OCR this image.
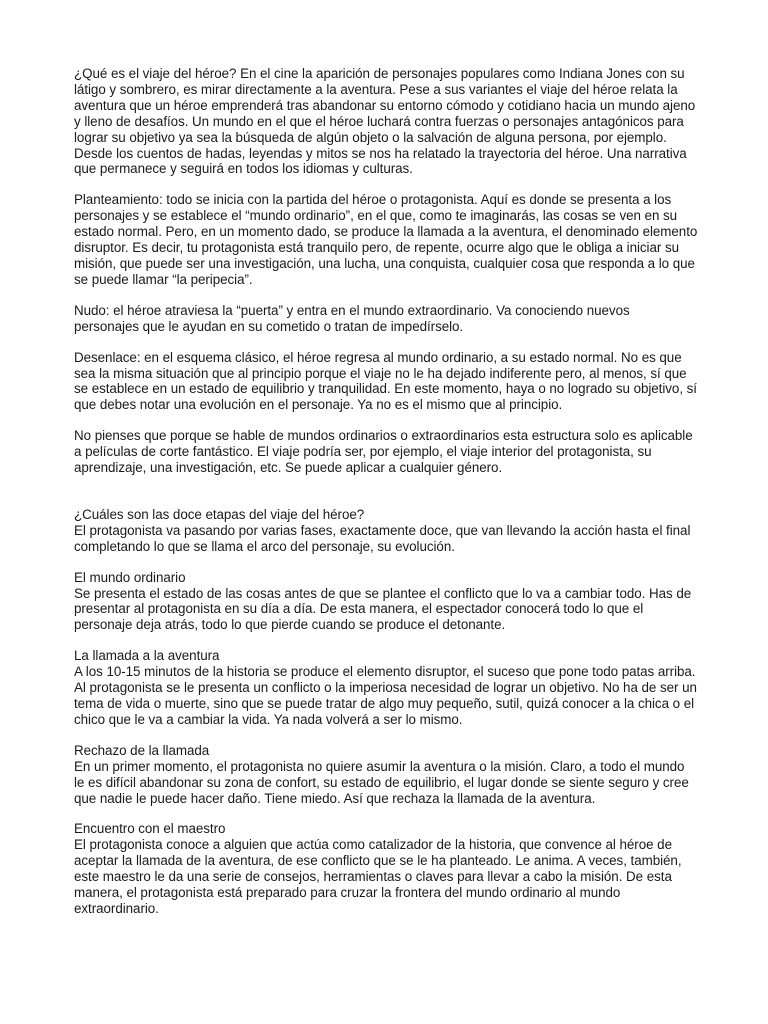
¿Qué es el viaje del héroe? En el cine la aparición de personajes populares como Indiana Jones con su látigo y sombrero, es mirar directamente a la aventura. Pese a sus variantes el viaje del héroe relata la aventura que un héroe emprenderá tras abandonar su entorno cómodo y cotidiano hacia un mundo ajeno y lleno de desafíos. Un mundo en el que el héroe luchará contra fuerzas o personajes antagónicos para lograr su objetivo ya sea la búsqueda de algún objeto o la salvación de alguna persona, por ejemplo. Desde los cuentos de hadas, leyendas y mitos se nos ha relatado la trayectoria del héroe. Una narrativa que permanece y seguirá en todos los idiomas y culturas.

Planteamiento: todo se inicia con la partida del héroe o protagonista. Aquí es donde se presenta a los personajes y se establece el “mundo ordinario”, en el que, como te imaginarás, las cosas se ven en su estado normal. Pero, en un momento dado, se produce la llamada a la aventura, el denominado elemento disruptor. Es decir, tu protagonista está tranquilo pero, de repente, ocurre algo que le obliga a iniciar su misión, que puede ser una investigación, una lucha, una conquista, cualquier cosa que responda a lo que se puede llamar “la peripecia”.

Nudo: el héroe atraviesa la “puerta” y entra en el mundo extraordinario. Va conociendo nuevos personajes que le ayudan en su cometido o tratan de impedírselo.

Desenlace: en el esquema clásico, el héroe regresa al mundo ordinario, a su estado normal. No es que sea la misma situación que al principio porque el viaje no le ha dejado indiferente pero, al menos, sí que se establece en un estado de equilibrio y tranquilidad. En este momento, haya o no logrado su objetivo, sí que debes notar una evolución en el personaje. Ya no es el mismo que al principio.

No pienses que porque se hable de mundos ordinarios o extraordinarios esta estructura solo es aplicable a películas de corte fantástico. El viaje podría ser, por ejemplo, el viaje interior del protagonista, su aprendizaje, una investigación, etc. Se puede aplicar a cualquier género.

¿Cuáles son las doce etapas del viaje del héroe?
El protagonista va pasando por varias fases, exactamente doce, que van llevando la acción hasta el final completando lo que se llama el arco del personaje, su evolución.
El mundo ordinario
Se presenta el estado de las cosas antes de que se plantee el conflicto que lo va a cambiar todo. Has de presentar al protagonista en su día a día. De esta manera, el espectador conocerá todo lo que el personaje deja atrás, todo lo que pierde cuando se produce el detonante.
La llamada a la aventura
A los 10-15 minutos de la historia se produce el elemento disruptor, el suceso que pone todo patas arriba. Al protagonista se le presenta un conflicto o la imperiosa necesidad de lograr un objetivo. No ha de ser un tema de vida o muerte, sino que se puede tratar de algo muy pequeño, sutil, quizá conocer a la chica o el chico que le va a cambiar la vida. Ya nada volverá a ser lo mismo.
Rechazo de la llamada
En un primer momento, el protagonista no quiere asumir la aventura o la misión. Claro, a todo el mundo le es difícil abandonar su zona de confort, su estado de equilibrio, el lugar donde se siente seguro y cree que nadie le puede hacer daño. Tiene miedo. Así que rechaza la llamada de la aventura.
Encuentro con el maestro
El protagonista conoce a alguien que actúa como catalizador de la historia, que convence al héroe de aceptar la llamada de la aventura, de ese conflicto que se le ha planteado. Le anima. A veces, también, este maestro le da una serie de consejos, herramientas o claves para llevar a cabo la misión. De esta manera, el protagonista está preparado para cruzar la frontera del mundo ordinario al mundo extraordinario.
